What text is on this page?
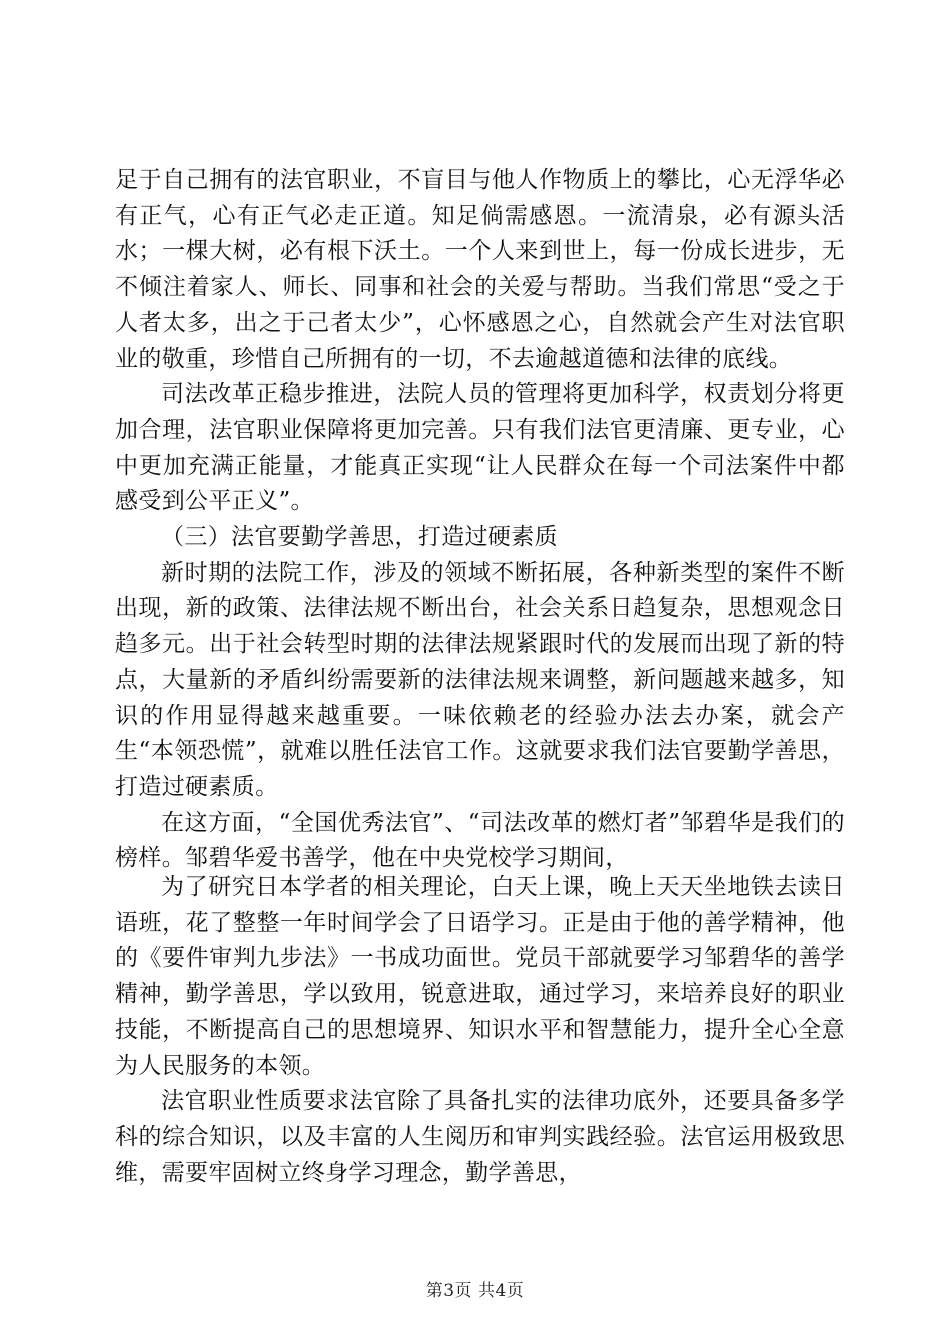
足于自己拥有的法官职业，不盲目与他人作物质上的攀比，心无浮华必有正气，心有正气必走正道。知足倘需感恩。一流清泉，必有源头活水；一棵大树，必有根下沃土。一个人来到世上，每一份成长进步，无不倾注着家人、师长、同事和社会的关爱与帮助。当我们常思“受之于人者太多，出之于己者太少”，心怀感恩之心，自然就会产生对法官职业的敬重，珍惜自己所拥有的一切，不去逾越道德和法律的底线。

司法改革正稳步推进，法院人员的管理将更加科学，权责划分将更加合理，法官职业保障将更加完善。只有我们法官更清廉、更专业，心中更加充满正能量，才能真正实现“让人民群众在每一个司法案件中都感受到公平正义”。

（三）法官要勤学善思，打造过硬素质

新时期的法院工作，涉及的领域不断拓展，各种新类型的案件不断出现，新的政策、法律法规不断出台，社会关系日趋复杂，思想观念日趋多元。出于社会转型时期的法律法规紧跟时代的发展而出现了新的特点，大量新的矛盾纠纷需要新的法律法规来调整，新问题越来越多，知识的作用显得越来越重要。一味依赖老的经验办法去办案，就会产生“本领恐慌”，就难以胜任法官工作。这就要求我们法官要勤学善思，打造过硬素质。

在这方面，“全国优秀法官”、“司法改革的燃灯者”邹碧华是我们的榜样。邹碧华爱书善学，他在中央党校学习期间，

为了研究日本学者的相关理论，白天上课，晚上天天坐地铁去读日语班，花了整整一年时间学会了日语学习。正是由于他的善学精神，他的《要件审判九步法》一书成功面世。党员干部就要学习邹碧华的善学精神，勤学善思，学以致用，锐意进取，通过学习，来培养良好的职业技能，不断提高自己的思想境界、知识水平和智慧能力，提升全心全意为人民服务的本领。

法官职业性质要求法官除了具备扎实的法律功底外，还要具备多学科的综合知识，以及丰富的人生阅历和审判实践经验。法官运用极致思维，需要牢固树立终身学习理念，勤学善思，

第3页 共4页
